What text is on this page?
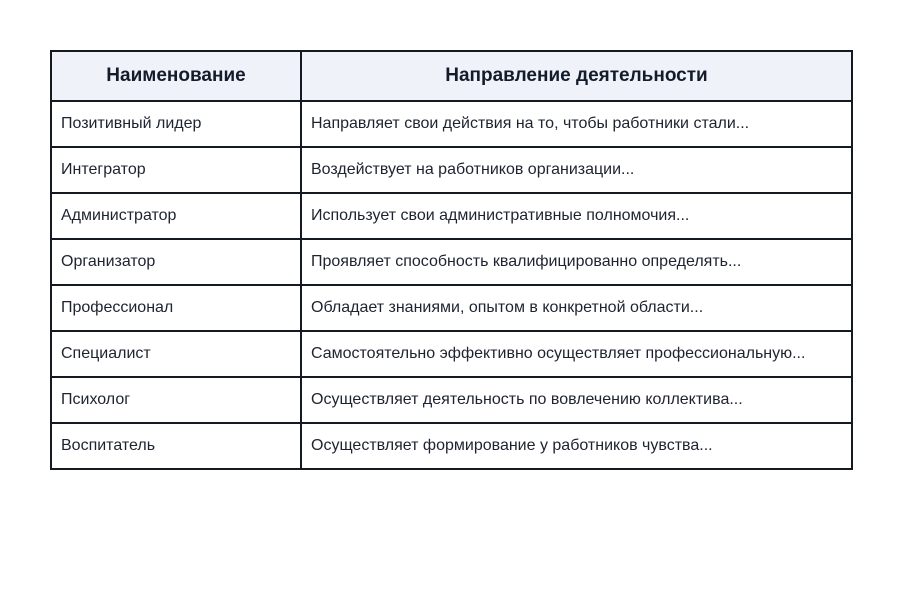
Наименование	Направление деятельности
Позитивный лидер	Направляет свои действия на то, чтобы работники стали...
Интегратор	Воздействует на работников организации...
Администратор	Использует свои административные полномочия...
Организатор	Проявляет способность квалифицированно определять...
Профессионал	Обладает знаниями, опытом в конкретной области...
Специалист	Самостоятельно эффективно осуществляет профессиональную...
Психолог	Осуществляет деятельность по вовлечению коллектива...
Воспитатель	Осуществляет формирование у работников чувства...
